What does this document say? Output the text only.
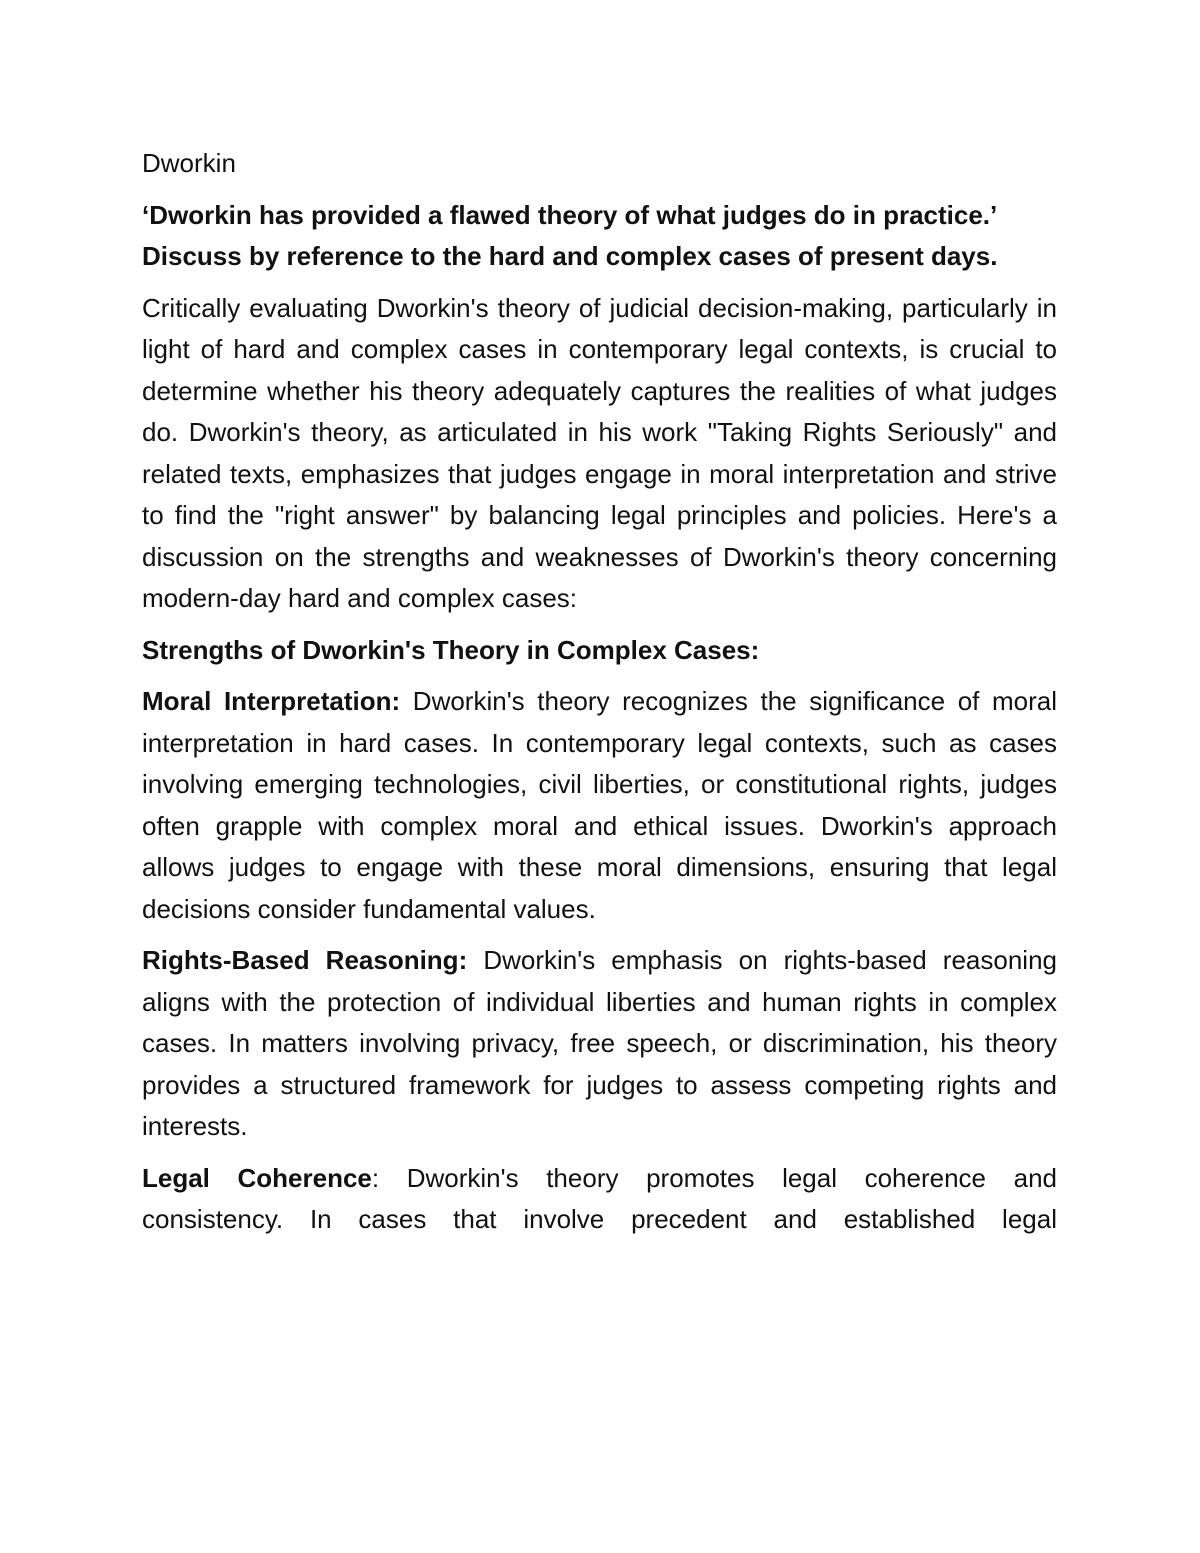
Dworkin
‘Dworkin has provided a flawed theory of what judges do in practice.’
Discuss by reference to the hard and complex cases of present days.

Critically evaluating Dworkin's theory of judicial decision-making, particularly in light of hard and complex cases in contemporary legal contexts, is crucial to determine whether his theory adequately captures the realities of what judges do. Dworkin's theory, as articulated in his work "Taking Rights Seriously" and related texts, emphasizes that judges engage in moral interpretation and strive to find the "right answer" by balancing legal principles and policies. Here's a discussion on the strengths and weaknesses of Dworkin's theory concerning modern-day hard and complex cases:

Strengths of Dworkin's Theory in Complex Cases:

Moral Interpretation: Dworkin's theory recognizes the significance of moral interpretation in hard cases. In contemporary legal contexts, such as cases involving emerging technologies, civil liberties, or constitutional rights, judges often grapple with complex moral and ethical issues. Dworkin's approach allows judges to engage with these moral dimensions, ensuring that legal decisions consider fundamental values.

Rights-Based Reasoning: Dworkin's emphasis on rights-based reasoning aligns with the protection of individual liberties and human rights in complex cases. In matters involving privacy, free speech, or discrimination, his theory provides a structured framework for judges to assess competing rights and interests.

Legal Coherence: Dworkin's theory promotes legal coherence and consistency. In cases that involve precedent and established legal
